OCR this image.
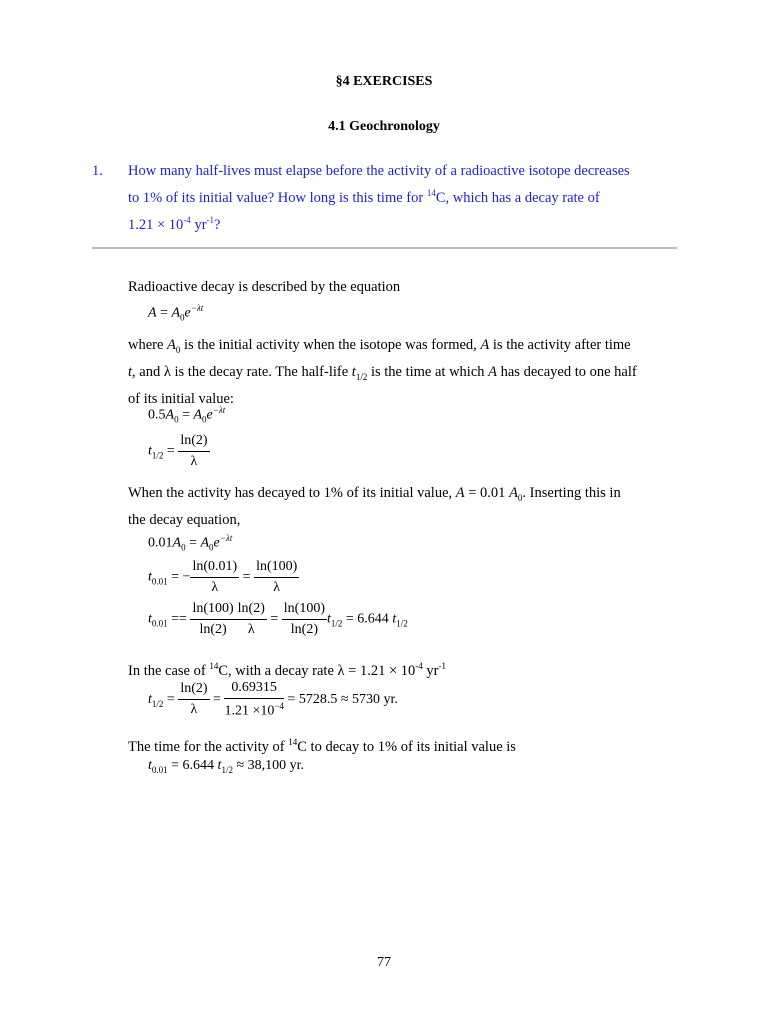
§4 EXERCISES
4.1 Geochronology
1. How many half-lives must elapse before the activity of a radioactive isotope decreases
to 1% of its initial value? How long is this time for $^{14}$C, which has a decay rate of
$1.21 \times 10^{-4}$ $yr^{-1}$?
Radioactive decay is described by the equation
$A = A_0e^{-\lambda t}$
where $A_0$ is the initial activity when the isotope was formed, A is the activity after time
t, and λ is the decay rate. The half-life $t_{1/2}$ is the time at which A has decayed to one half
of its initial value:
$0.5A_0 = A_0e^{-\lambda t}$
$t_{1/2} = \frac{\ln(2)}{\lambda}$
When the activity has decayed to 1% of its initial value, A = 0.01 $A_0$. Inserting this in
the decay equation,
$0.01A_0 = A_0e^{-\lambda t}$
$t_{0.01}$ = − $\frac{\ln(0.01)}{\lambda} = \frac{\ln(100)}{\lambda}$
$t_{0.01} == \frac{\ln(100)}{\ln(2)} \frac{\ln(2)}{\lambda} = \frac{\ln(100)}{\ln(2)} t_{1/2} = 6.644$ $t_{1/2}$
In the case of $^{14}$C, with a decay rate $\lambda = 1.21 \times 10^{-4}$ $yr^{-1}$
$t_{1/2} = \frac{\ln(2)}{\lambda} = \frac{0.69315}{1.21 \times 10^{-4}} = 5728.5 \approx 5730$ yr.
The time for the activity of $^{14}$C to decay to 1% of its initial value is
$t_{0.01} = 6.644$ $t_{1/2} \approx 38,100$ yr.
77
